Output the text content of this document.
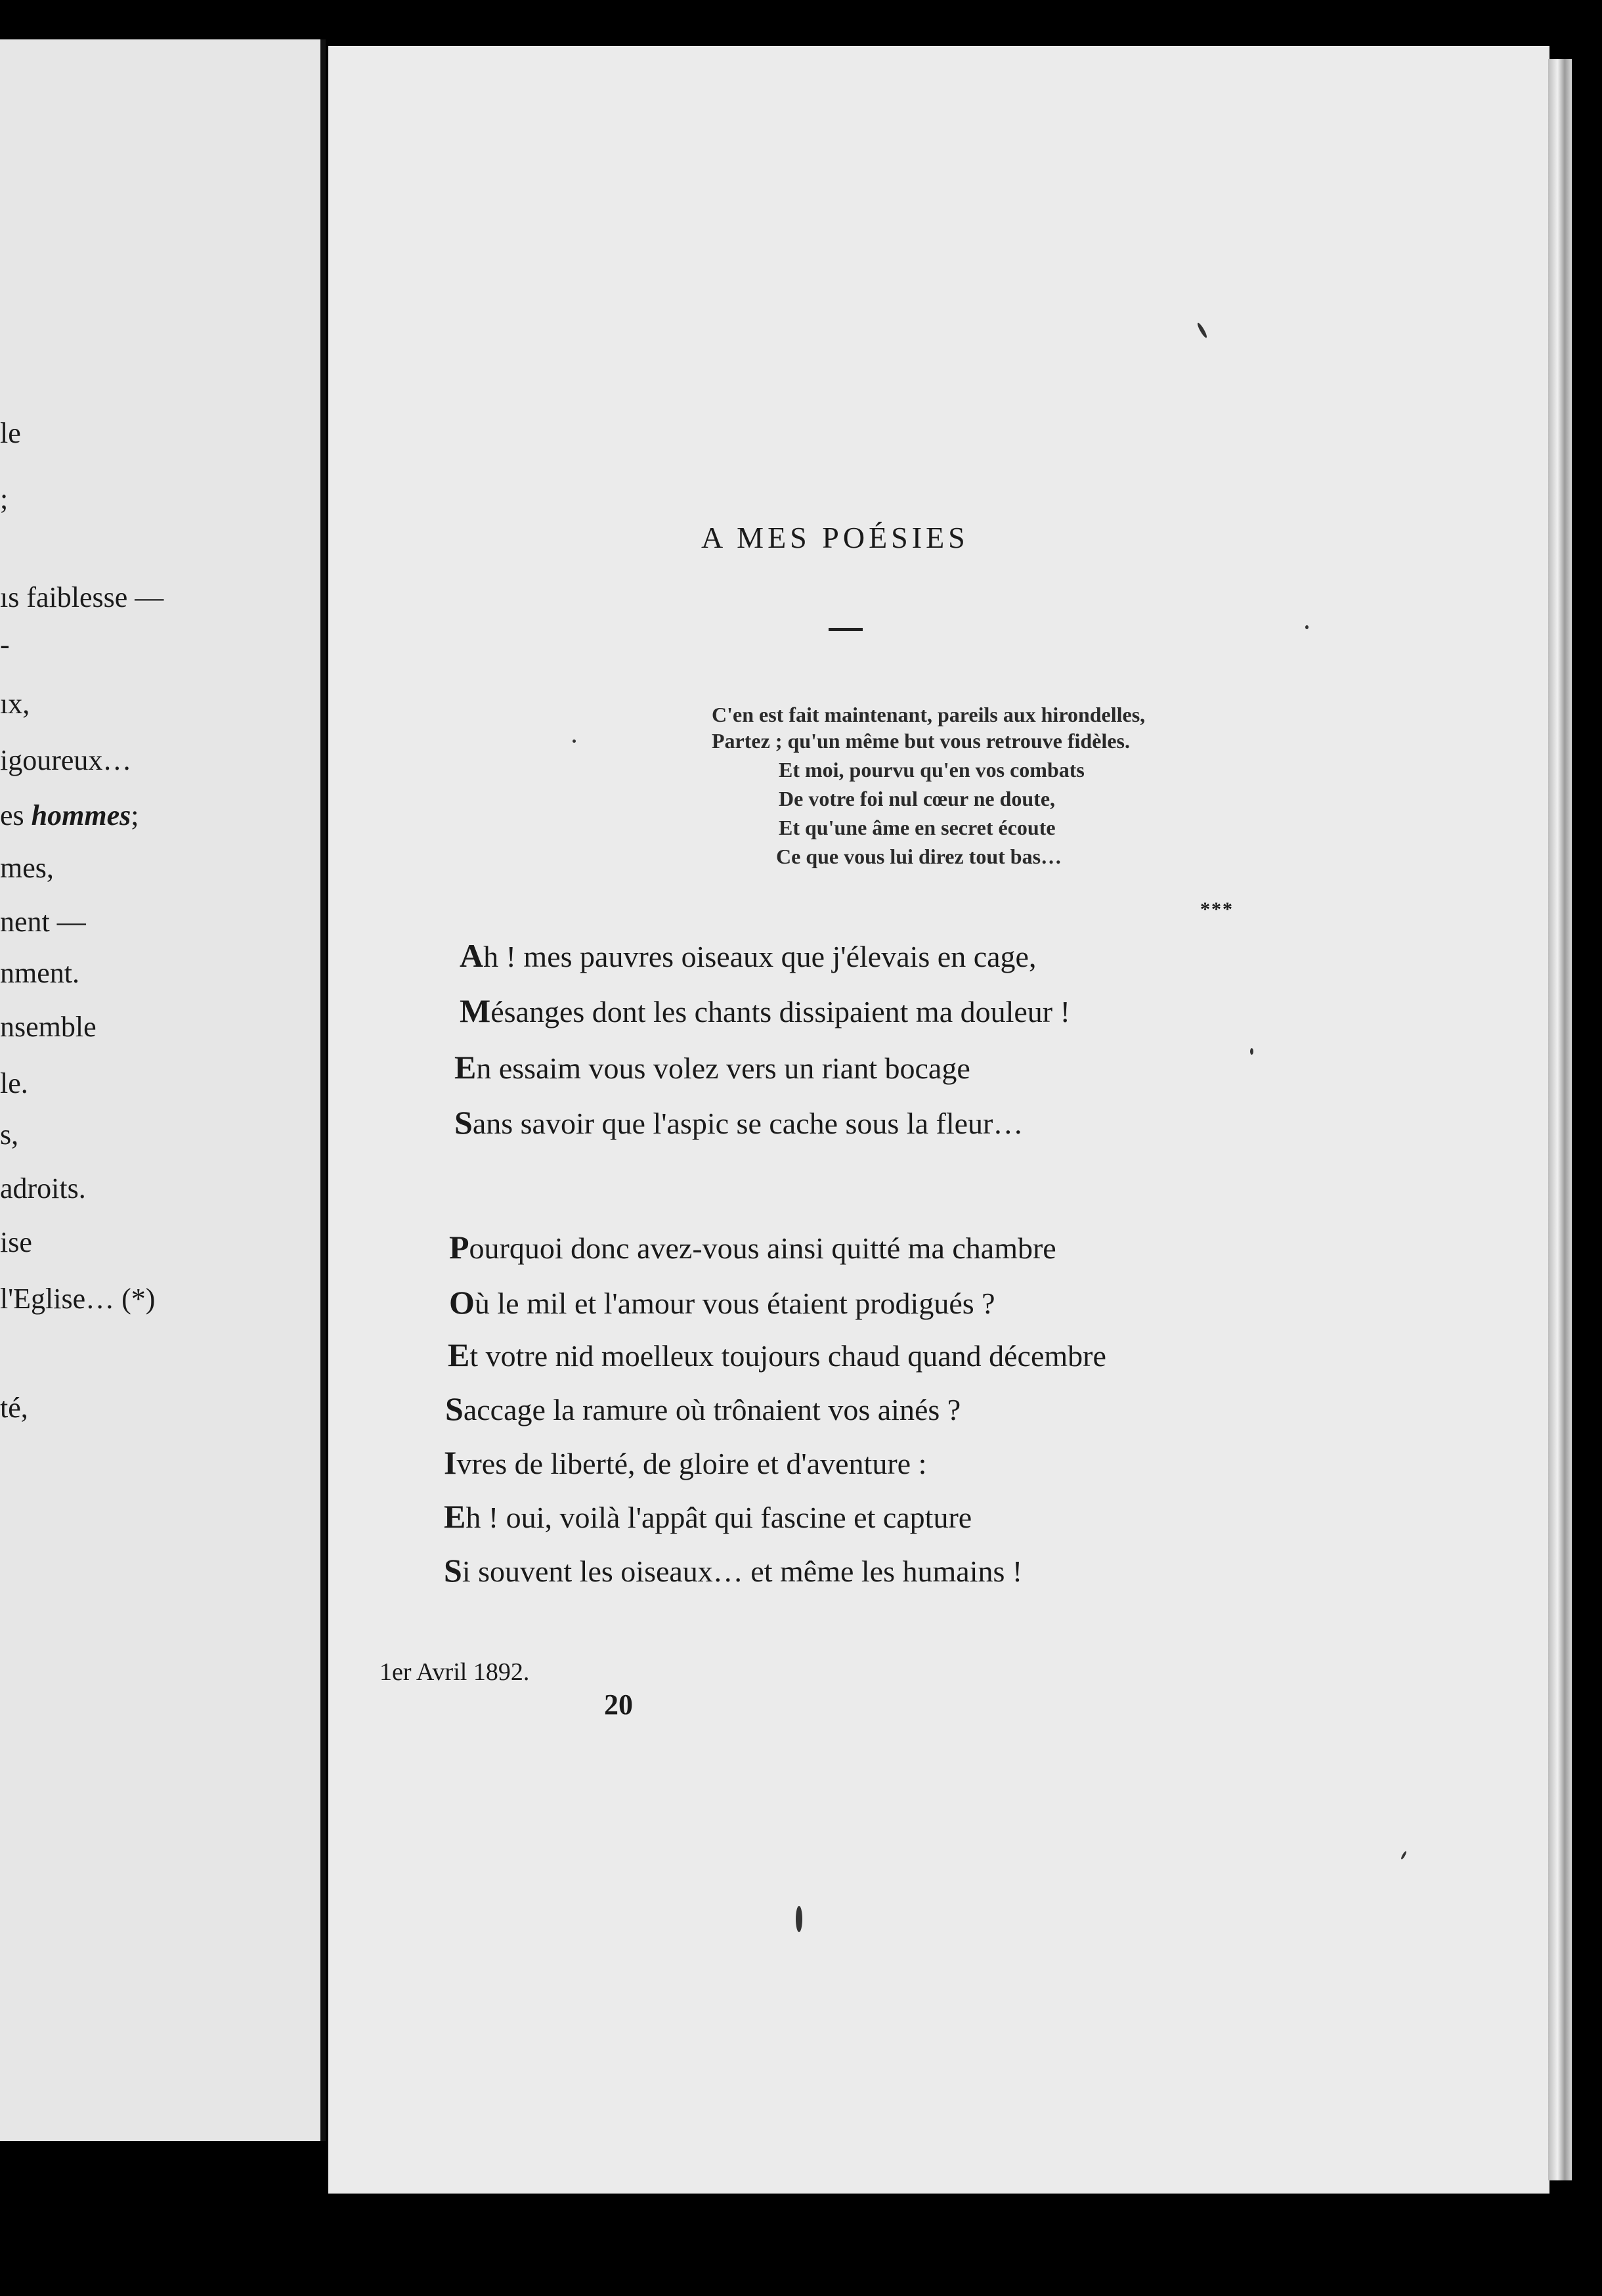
le
;
ıs faiblesse —
-
ıx,
igoureux…
es hommes;
mes,
nent —
nment.
nsemble
le.
s,
adroits.
ise
l'Eglise… (*)
té,
A MES POÉSIES
C'en est fait maintenant, pareils aux hirondelles,
Partez ; qu'un même but vous retrouve fidèles.
Et moi, pourvu qu'en vos combats
De votre foi nul cœur ne doute,
Et qu'une âme en secret écoute
Ce que vous lui direz tout bas…
***
Ah ! mes pauvres oiseaux que j'élevais en cage,
Mésanges dont les chants dissipaient ma douleur !
En essaim vous volez vers un riant bocage
Sans savoir que l'aspic se cache sous la fleur…
Pourquoi donc avez-vous ainsi quitté ma chambre
Où le mil et l'amour vous étaient prodigués ?
Et votre nid moelleux toujours chaud quand décembre
Saccage la ramure où trônaient vos ainés ?
Ivres de liberté, de gloire et d'aventure :
Eh ! oui, voilà l'appât qui fascine et capture
Si souvent les oiseaux… et même les humains !
1er Avril 1892.
20
